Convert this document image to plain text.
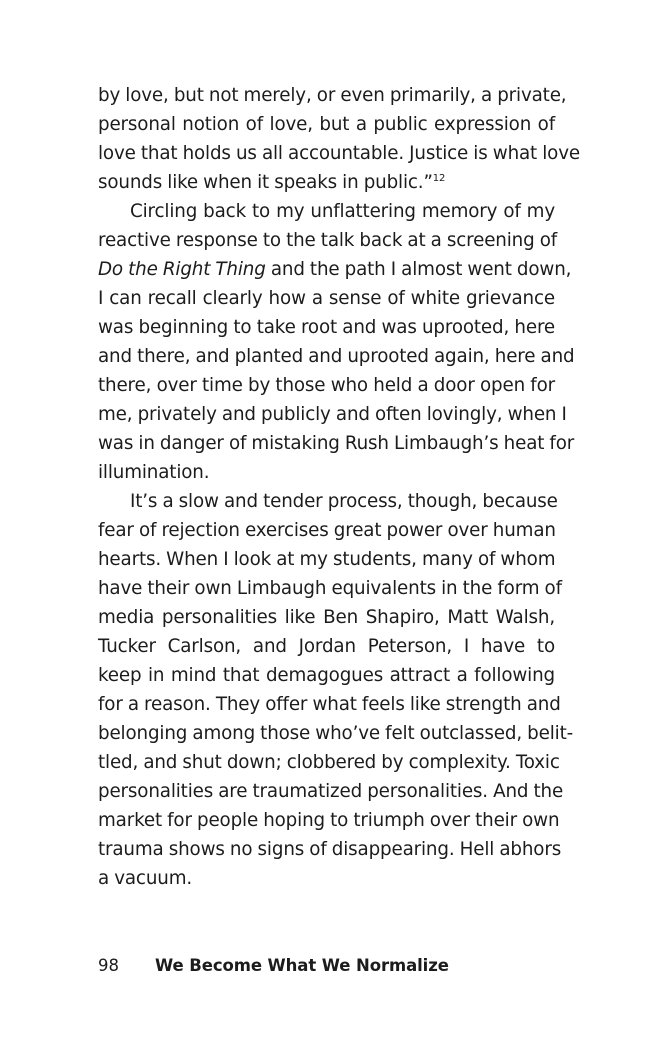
by love, but not merely, or even primarily, a private,
personal notion of love, but a public expression of
love that holds us all accountable. Justice is what love
sounds like when it speaks in public.”$^{12}$
Circling back to my unflattering memory of my
reactive response to the talk back at a screening of
Do the Right Thing and the path I almost went down,
I can recall clearly how a sense of white grievance
was beginning to take root and was uprooted, here
and there, and planted and uprooted again, here and
there, over time by those who held a door open for
me, privately and publicly and often lovingly, when I
was in danger of mistaking Rush Limbaugh’s heat for
illumination.
It’s a slow and tender process, though, because
fear of rejection exercises great power over human
hearts. When I look at my students, many of whom
have their own Limbaugh equivalents in the form of
media personalities like Ben Shapiro, Matt Walsh,
Tucker Carlson, and Jordan Peterson, I have to
keep in mind that demagogues attract a following
for a reason. They offer what feels like strength and
belonging among those who’ve felt outclassed, belit-
tled, and shut down; clobbered by complexity. Toxic
personalities are traumatized personalities. And the
market for people hoping to triumph over their own
trauma shows no signs of disappearing. Hell abhors
a vacuum.
98 We Become What We Normalize
